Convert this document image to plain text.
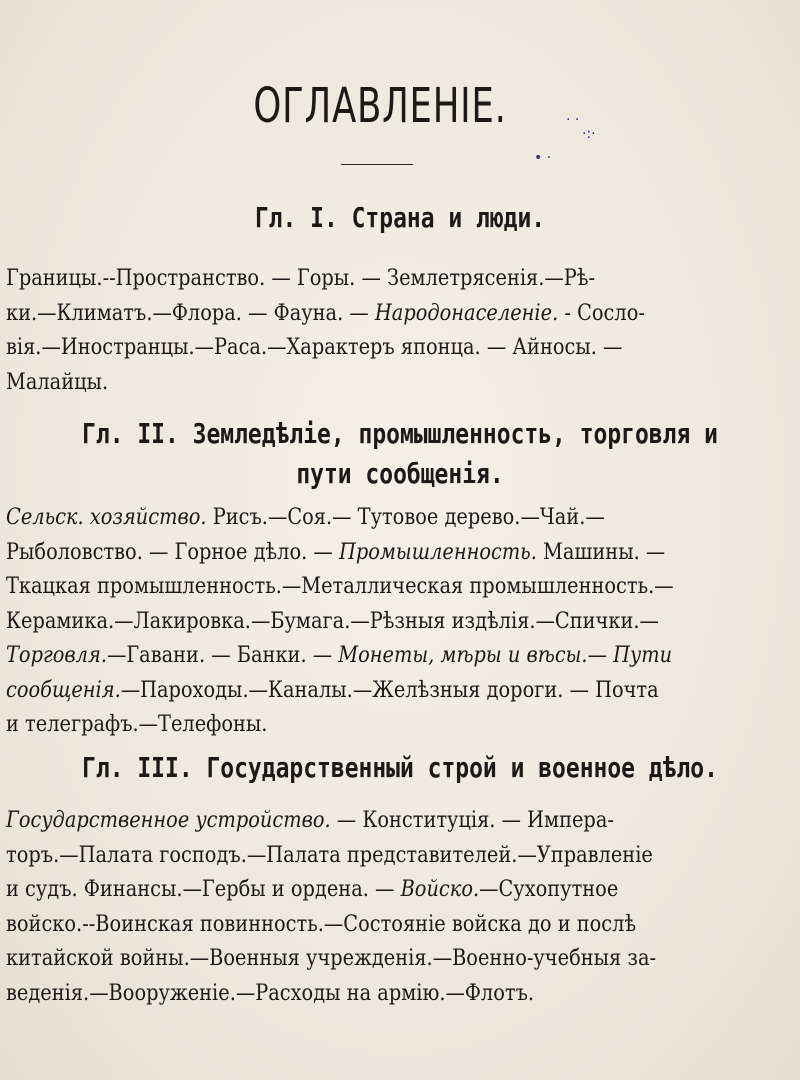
ОГЛАВЛЕНІЕ.	· ·
·:·
• ·
Гл. I. Страна и люди.
Границы.--Пространство. — Горы. — Землетрясенія.—Рѣ-
ки.—Климатъ.—Флора. — Фауна. — Народонаселеніе. - Сосло-
вія.—Иностранцы.—Раса.—Характеръ японца. — Айносы. —
Малайцы.
Гл. II. Земледѣліе, промышленность, торговля и
пути сообщенія.
Сельск. хозяйство. Рисъ.—Соя.— Тутовое дерево.—Чай.—
Рыболовство. — Горное дѣло. — Промышленность. Машины. —
Ткацкая промышленность.—Металлическая промышленность.—
Керамика.—Лакировка.—Бумага.—Рѣзныя издѣлія.—Спички.—
Торговля.—Гавани. — Банки. — Монеты, мѣры и вѣсы.— Пути
сообщенія.—Пароходы.—Каналы.—Желѣзныя дороги. — Почта
и телеграфъ.—Телефоны.
Гл. III. Государственный строй и военное дѣло.
Государственное устройство. — Конституція. — Импера-
торъ.—Палата господъ.—Палата представителей.—Управленіе
и судъ. Финансы.—Гербы и ордена. — Войско.—Сухопутное
войско.--Воинская повинность.—Состояніе войска до и послѣ
китайской войны.—Военныя учрежденія.—Военно-учебныя за-
веденія.—Вооруженіе.—Расходы на армію.—Флотъ.
